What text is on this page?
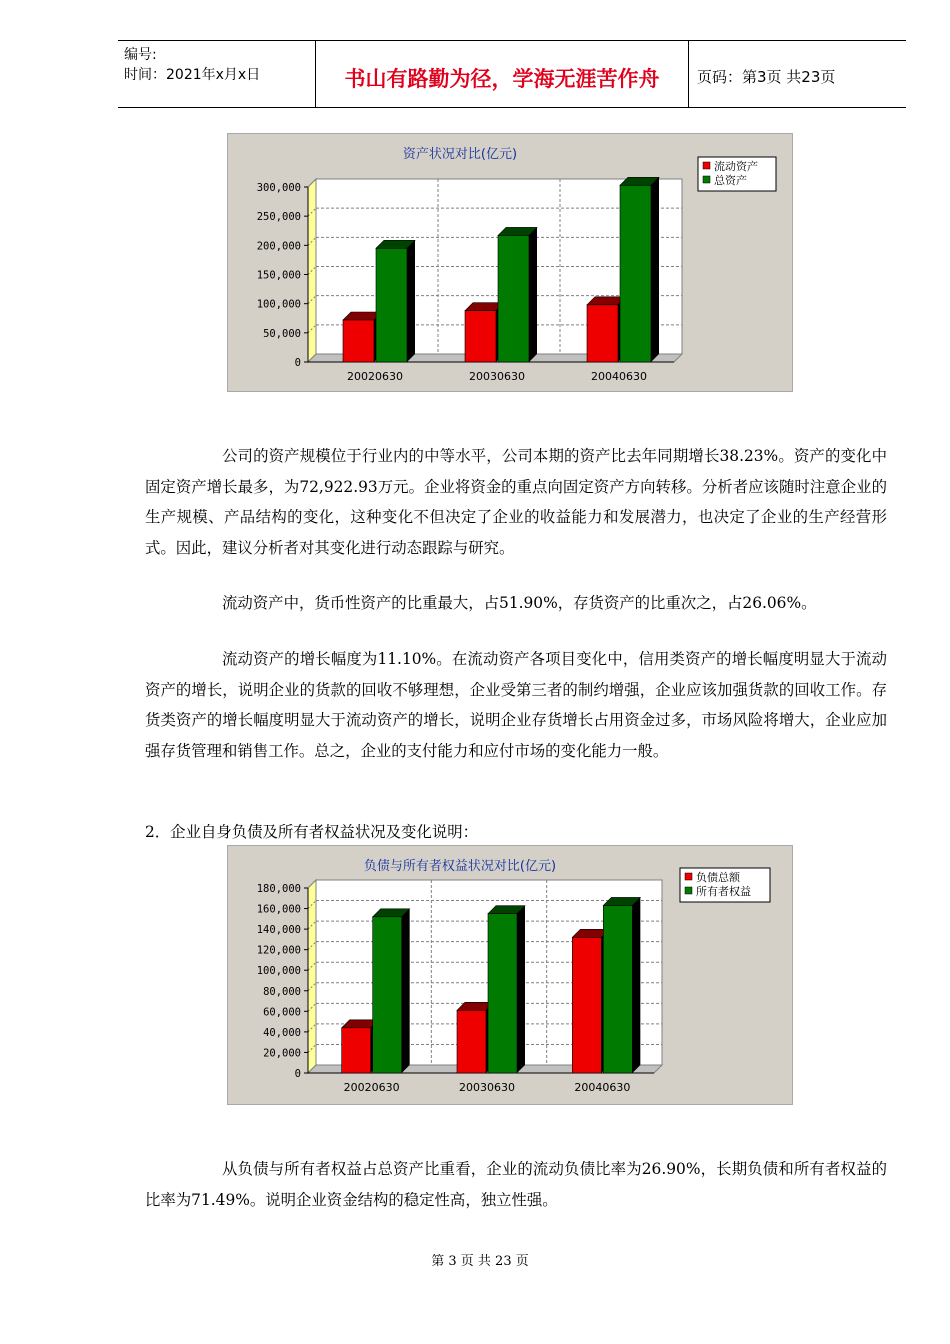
编号:
时间：2021年x月x日	书山有路勤为径，学海无涯苦作舟	页码：第3页 共23页
资产状况对比(亿元)
0
50,000
100,000
150,000
200,000
250,000
300,000
20020630	20030630	20040630
流动资产
总资产

公司的资产规模位于行业内的中等水平，公司本期的资产比去年同期增长38.23%。资产的变化中固定资产增长最多，为72,922.93万元。企业将资金的重点向固定资产方向转移。分析者应该随时注意企业的生产规模、产品结构的变化，这种变化不但决定了企业的收益能力和发展潜力，也决定了企业的生产经营形式。因此，建议分析者对其变化进行动态跟踪与研究。

流动资产中，货币性资产的比重最大，占51.90%，存货资产的比重次之，占26.06%。

流动资产的增长幅度为11.10%。在流动资产各项目变化中，信用类资产的增长幅度明显大于流动资产的增长，说明企业的货款的回收不够理想，企业受第三者的制约增强，企业应该加强货款的回收工作。存货类资产的增长幅度明显大于流动资产的增长，说明企业存货增长占用资金过多，市场风险将增大，企业应加强存货管理和销售工作。总之，企业的支付能力和应付市场的变化能力一般。

2．企业自身负债及所有者权益状况及变化说明：

负债与所有者权益状况对比(亿元)
0
20,000
40,000
60,000
80,000
100,000
120,000
140,000
160,000
180,000
20020630	20030630	20040630
负债总额
所有者权益

从负债与所有者权益占总资产比重看，企业的流动负债比率为26.90%，长期负债和所有者权益的比率为71.49%。说明企业资金结构的稳定性高，独立性强。

第 3 页 共 23 页
